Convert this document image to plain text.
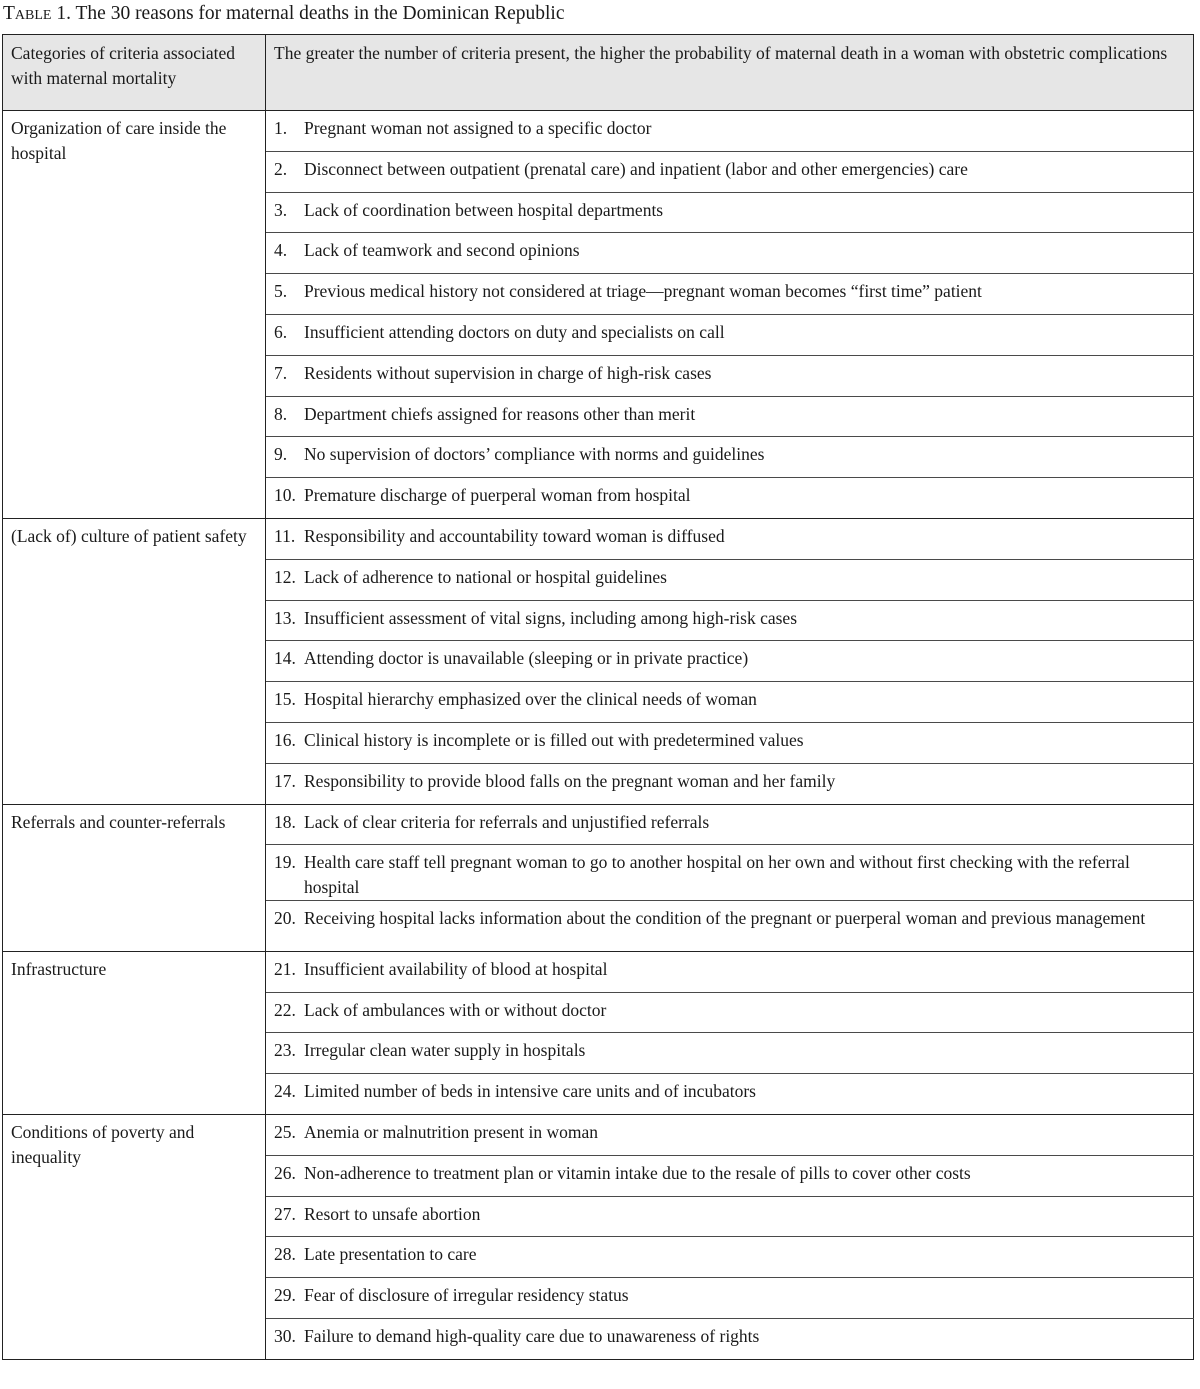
Table 1. The 30 reasons for maternal deaths in the Dominican Republic
Categories of criteria associated with maternal mortality	The greater the number of criteria present, the higher the probability of maternal death in a woman with obstetric complications
Organization of care inside the hospital	1. Pregnant woman not assigned to a specific doctor

	2. Disconnect between outpatient (prenatal care) and inpatient (labor and other emergencies) care

	3. Lack of coordination between hospital departments

	4. Lack of teamwork and second opinions

	5. Previous medical history not considered at triage—pregnant woman becomes “first time” patient

	6. Insufficient attending doctors on duty and specialists on call

	7. Residents without supervision in charge of high-risk cases

	8. Department chiefs assigned for reasons other than merit

	9. No supervision of doctors’ compliance with norms and guidelines

	10. Premature discharge of puerperal woman from hospital

(Lack of) culture of patient safety	11. Responsibility and accountability toward woman is diffused

	12. Lack of adherence to national or hospital guidelines

	13. Insufficient assessment of vital signs, including among high-risk cases

	14. Attending doctor is unavailable (sleeping or in private practice)

	15. Hospital hierarchy emphasized over the clinical needs of woman

	16. Clinical history is incomplete or is filled out with predetermined values

	17. Responsibility to provide blood falls on the pregnant woman and her family

Referrals and counter-referrals	18. Lack of clear criteria for referrals and unjustified referrals

	19. Health care staff tell pregnant woman to go to another hospital on her own and without first checking with the referral hospital

	20. Receiving hospital lacks information about the condition of the pregnant or puerperal woman and previous management

Infrastructure	21. Insufficient availability of blood at hospital

	22. Lack of ambulances with or without doctor

	23. Irregular clean water supply in hospitals

	24. Limited number of beds in intensive care units and of incubators

Conditions of poverty and inequality	25. Anemia or malnutrition present in woman

	26. Non-adherence to treatment plan or vitamin intake due to the resale of pills to cover other costs

	27. Resort to unsafe abortion

	28. Late presentation to care

	29. Fear of disclosure of irregular residency status

	30. Failure to demand high-quality care due to unawareness of rights
